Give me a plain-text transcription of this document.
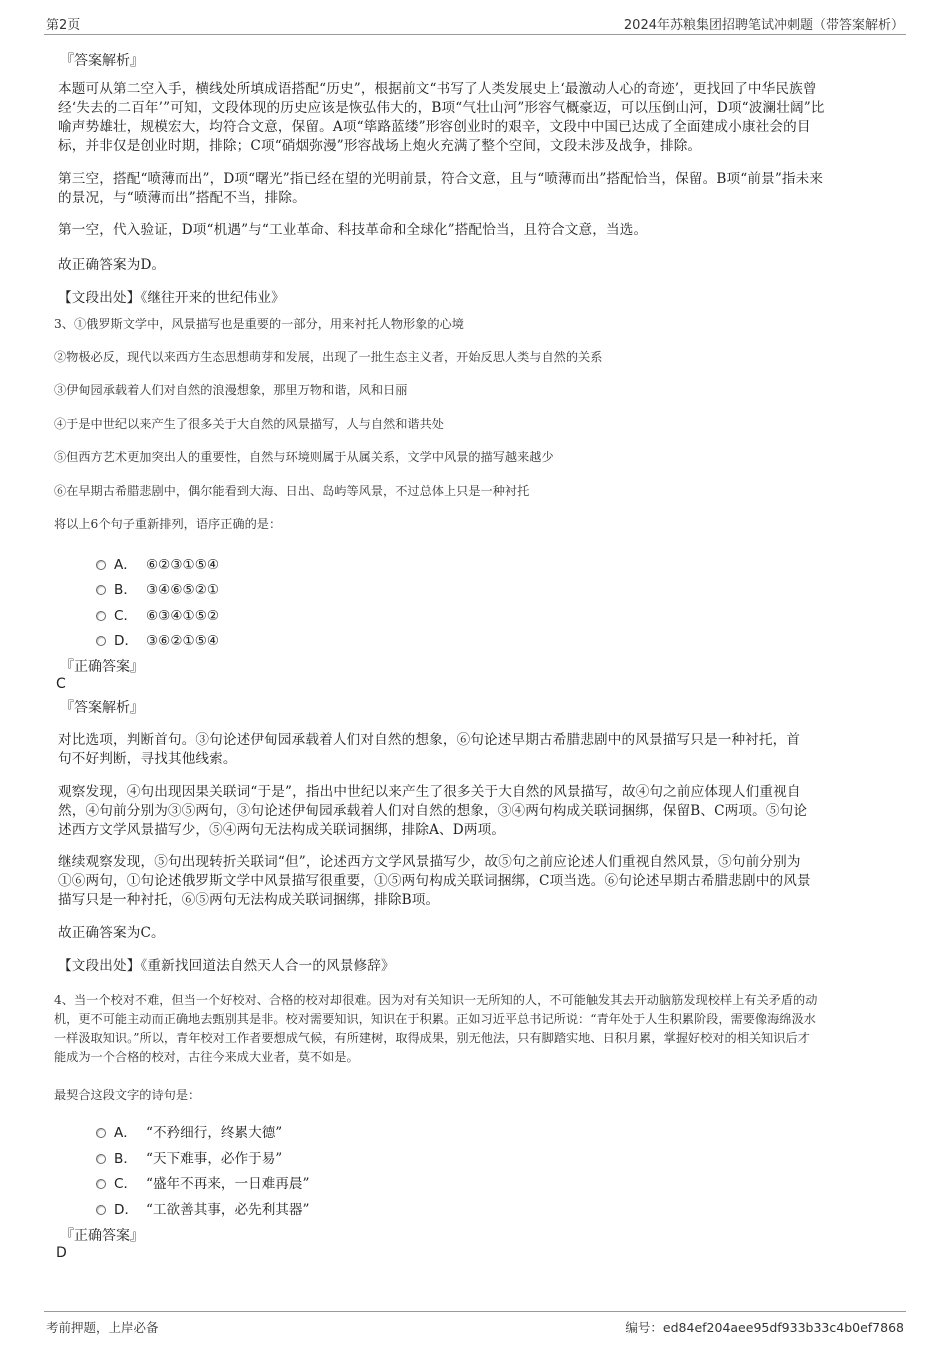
第2页	2024年苏粮集团招聘笔试冲刺题（带答案解析）
『答案解析』
本题可从第二空入手，横线处所填成语搭配“历史”，根据前文“书写了人类发展史上‘最激动人心的奇迹’，更找回了中华民族曾
经‘失去的二百年’”可知，文段体现的历史应该是恢弘伟大的，B项“气壮山河”形容气概豪迈，可以压倒山河，D项“波澜壮阔”比
喻声势雄壮，规模宏大，均符合文意，保留。A项“筚路蓝缕”形容创业时的艰辛，文段中中国已达成了全面建成小康社会的目
标，并非仅是创业时期，排除；C项“硝烟弥漫”形容战场上炮火充满了整个空间，文段未涉及战争，排除。
第三空，搭配“喷薄而出”，D项“曙光”指已经在望的光明前景，符合文意，且与“喷薄而出”搭配恰当，保留。B项“前景”指未来
的景况，与“喷薄而出”搭配不当，排除。
第一空，代入验证，D项“机遇”与“工业革命、科技革命和全球化”搭配恰当，且符合文意，当选。
故正确答案为D。
【文段出处】《继往开来的世纪伟业》
3、①俄罗斯文学中，风景描写也是重要的一部分，用来衬托人物形象的心境
②物极必反，现代以来西方生态思想萌芽和发展，出现了一批生态主义者，开始反思人类与自然的关系
③伊甸园承载着人们对自然的浪漫想象，那里万物和谐，风和日丽
④于是中世纪以来产生了很多关于大自然的风景描写，人与自然和谐共处
⑤但西方艺术更加突出人的重要性，自然与环境则属于从属关系，文学中风景的描写越来越少
⑥在早期古希腊悲剧中，偶尔能看到大海、日出、岛屿等风景，不过总体上只是一种衬托
将以上6个句子重新排列，语序正确的是：
A． ⑥②③①⑤④
B． ③④⑥⑤②①
C． ⑥③④①⑤②
D． ③⑥②①⑤④
『正确答案』
C
『答案解析』
对比选项，判断首句。③句论述伊甸园承载着人们对自然的想象，⑥句论述早期古希腊悲剧中的风景描写只是一种衬托，首
句不好判断，寻找其他线索。
观察发现，④句出现因果关联词“于是”，指出中世纪以来产生了很多关于大自然的风景描写，故④句之前应体现人们重视自
然，④句前分别为③⑤两句，③句论述伊甸园承载着人们对自然的想象，③④两句构成关联词捆绑，保留B、C两项。⑤句论
述西方文学风景描写少，⑤④两句无法构成关联词捆绑，排除A、D两项。
继续观察发现，⑤句出现转折关联词“但”，论述西方文学风景描写少，故⑤句之前应论述人们重视自然风景，⑤句前分别为
①⑥两句，①句论述俄罗斯文学中风景描写很重要，①⑤两句构成关联词捆绑，C项当选。⑥句论述早期古希腊悲剧中的风景
描写只是一种衬托，⑥⑤两句无法构成关联词捆绑，排除B项。
故正确答案为C。
【文段出处】《重新找回道法自然天人合一的风景修辞》
4、当一个校对不难，但当一个好校对、合格的校对却很难。因为对有关知识一无所知的人，不可能触发其去开动脑筋发现校样上有关矛盾的动
机，更不可能主动而正确地去甄别其是非。校对需要知识，知识在于积累。正如习近平总书记所说：“青年处于人生积累阶段，需要像海绵汲水
一样汲取知识。”所以，青年校对工作者要想成气候，有所建树，取得成果，别无他法，只有脚踏实地、日积月累，掌握好校对的相关知识后才
能成为一个合格的校对，古往今来成大业者，莫不如是。
最契合这段文字的诗句是：
A． “不矜细行，终累大德”
B． “天下难事，必作于易”
C． “盛年不再来，一日难再晨”
D． “工欲善其事，必先利其器”
『正确答案』
D
考前押题，上岸必备	编号：ed84ef204aee95df933b33c4b0ef7868
